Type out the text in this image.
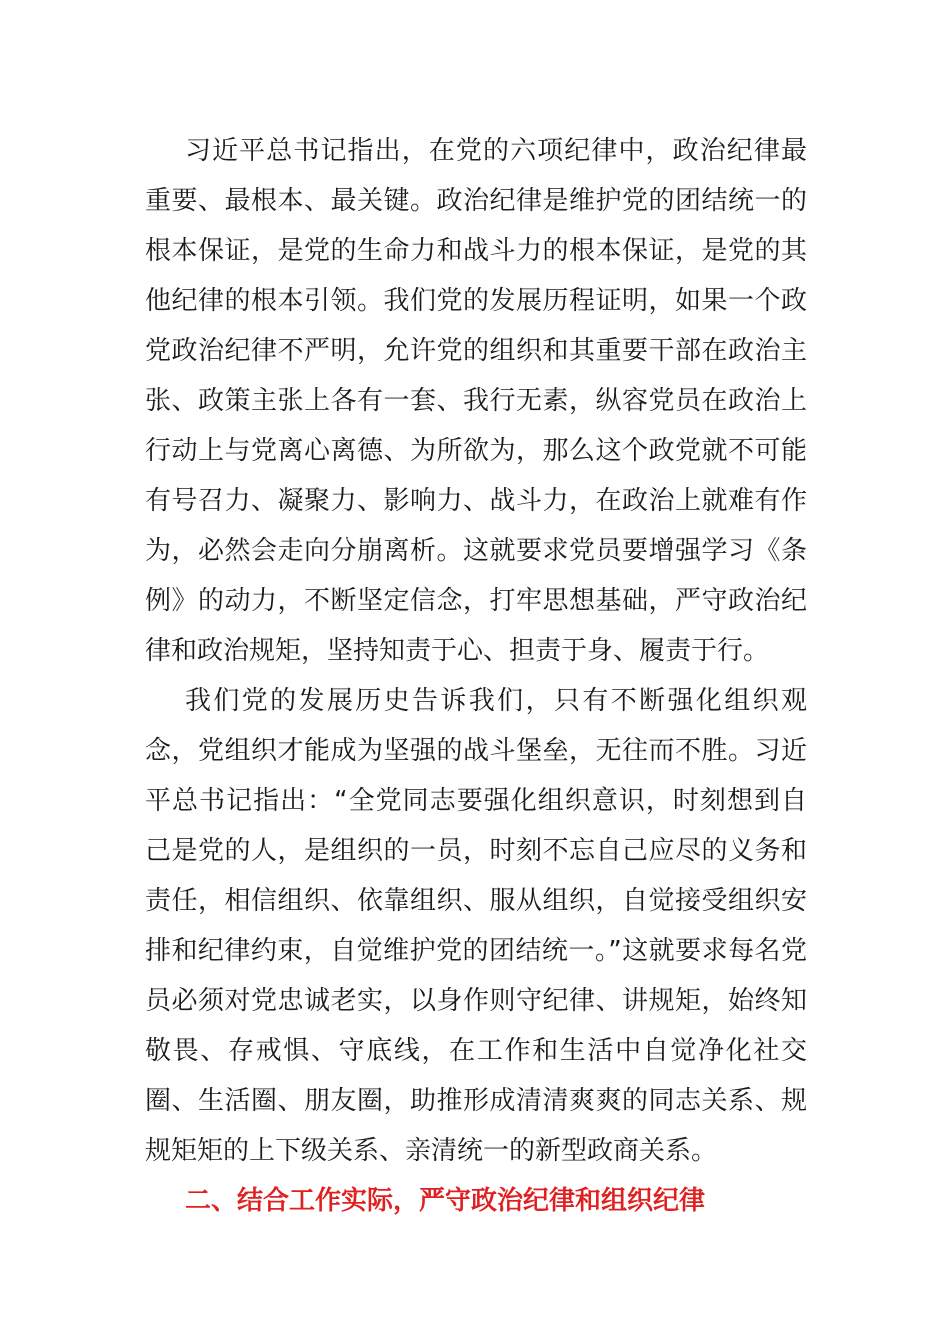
习近平总书记指出，在党的六项纪律中，政治纪律最重要、最根本、最关键。政治纪律是维护党的团结统一的根本保证，是党的生命力和战斗力的根本保证，是党的其他纪律的根本引领。我们党的发展历程证明，如果一个政党政治纪律不严明，允许党的组织和其重要干部在政治主张、政策主张上各有一套、我行无素，纵容党员在政治上行动上与党离心离德、为所欲为，那么这个政党就不可能有号召力、凝聚力、影响力、战斗力，在政治上就难有作为，必然会走向分崩离析。这就要求党员要增强学习《条例》的动力，不断坚定信念，打牢思想基础，严守政治纪律和政治规矩，坚持知责于心、担责于身、履责于行。

我们党的发展历史告诉我们，只有不断强化组织观念，党组织才能成为坚强的战斗堡垒，无往而不胜。习近平总书记指出：“全党同志要强化组织意识，时刻想到自己是党的人，是组织的一员，时刻不忘自己应尽的义务和责任，相信组织、依靠组织、服从组织，自觉接受组织安排和纪律约束，自觉维护党的团结统一。”这就要求每名党员必须对党忠诚老实，以身作则守纪律、讲规矩，始终知敬畏、存戒惧、守底线，在工作和生活中自觉净化社交圈、生活圈、朋友圈，助推形成清清爽爽的同志关系、规规矩矩的上下级关系、亲清统一的新型政商关系。

二、结合工作实际，严守政治纪律和组织纪律
